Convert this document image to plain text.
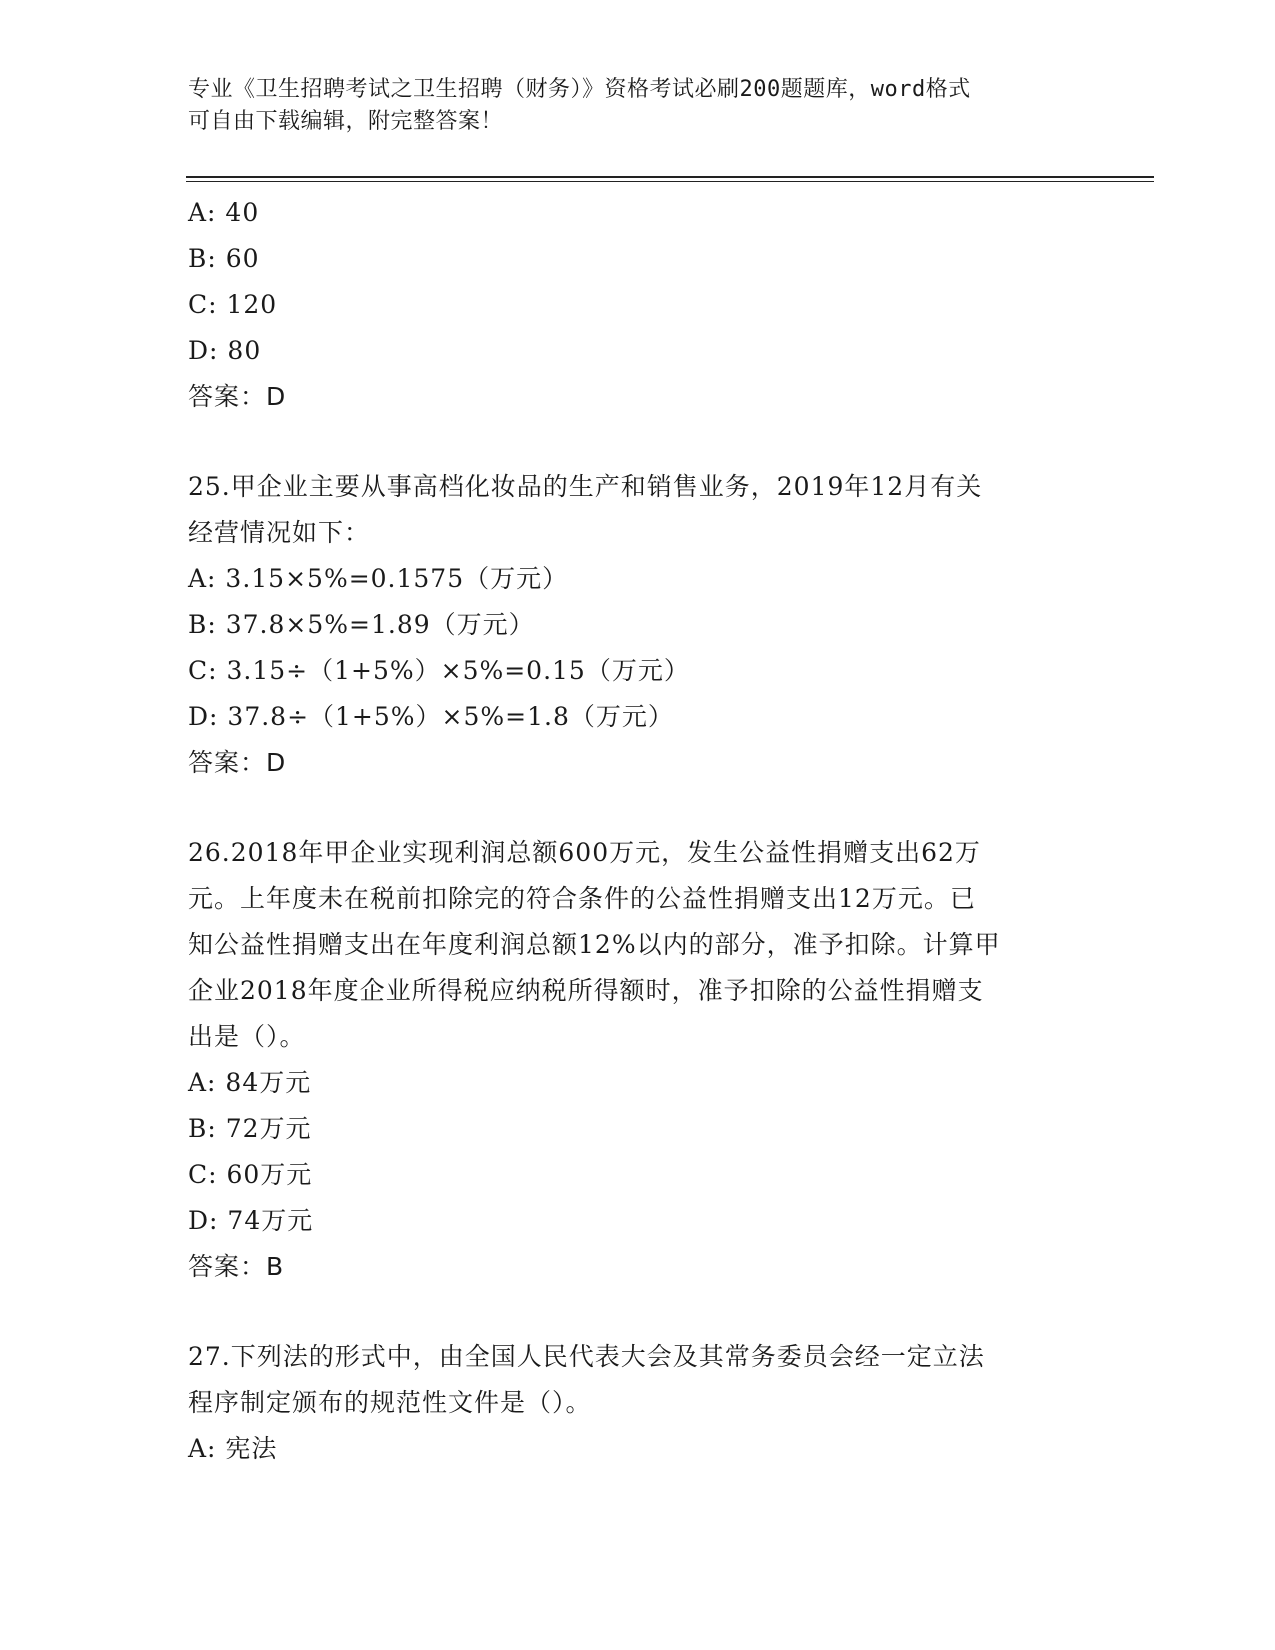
专业《卫生招聘考试之卫生招聘（财务）》资格考试必刷200题题库，word格式
可自由下载编辑，附完整答案！
A: 40
B: 60
C: 120
D: 80
答案：D
25.甲企业主要从事高档化妆品的生产和销售业务，2019年12月有关
经营情况如下：
A: 3.15×5%=0.1575（万元）
B: 37.8×5%=1.89（万元）
C: 3.15÷（1+5%）×5%=0.15（万元）
D: 37.8÷（1+5%）×5%=1.8（万元）
答案：D
26.2018年甲企业实现利润总额600万元，发生公益性捐赠支出62万
元。上年度未在税前扣除完的符合条件的公益性捐赠支出12万元。已
知公益性捐赠支出在年度利润总额12%以内的部分，准予扣除。计算甲
企业2018年度企业所得税应纳税所得额时，准予扣除的公益性捐赠支
出是（）。
A: 84万元
B: 72万元
C: 60万元
D: 74万元
答案：B
27.下列法的形式中，由全国人民代表大会及其常务委员会经一定立法
程序制定颁布的规范性文件是（）。
A: 宪法
